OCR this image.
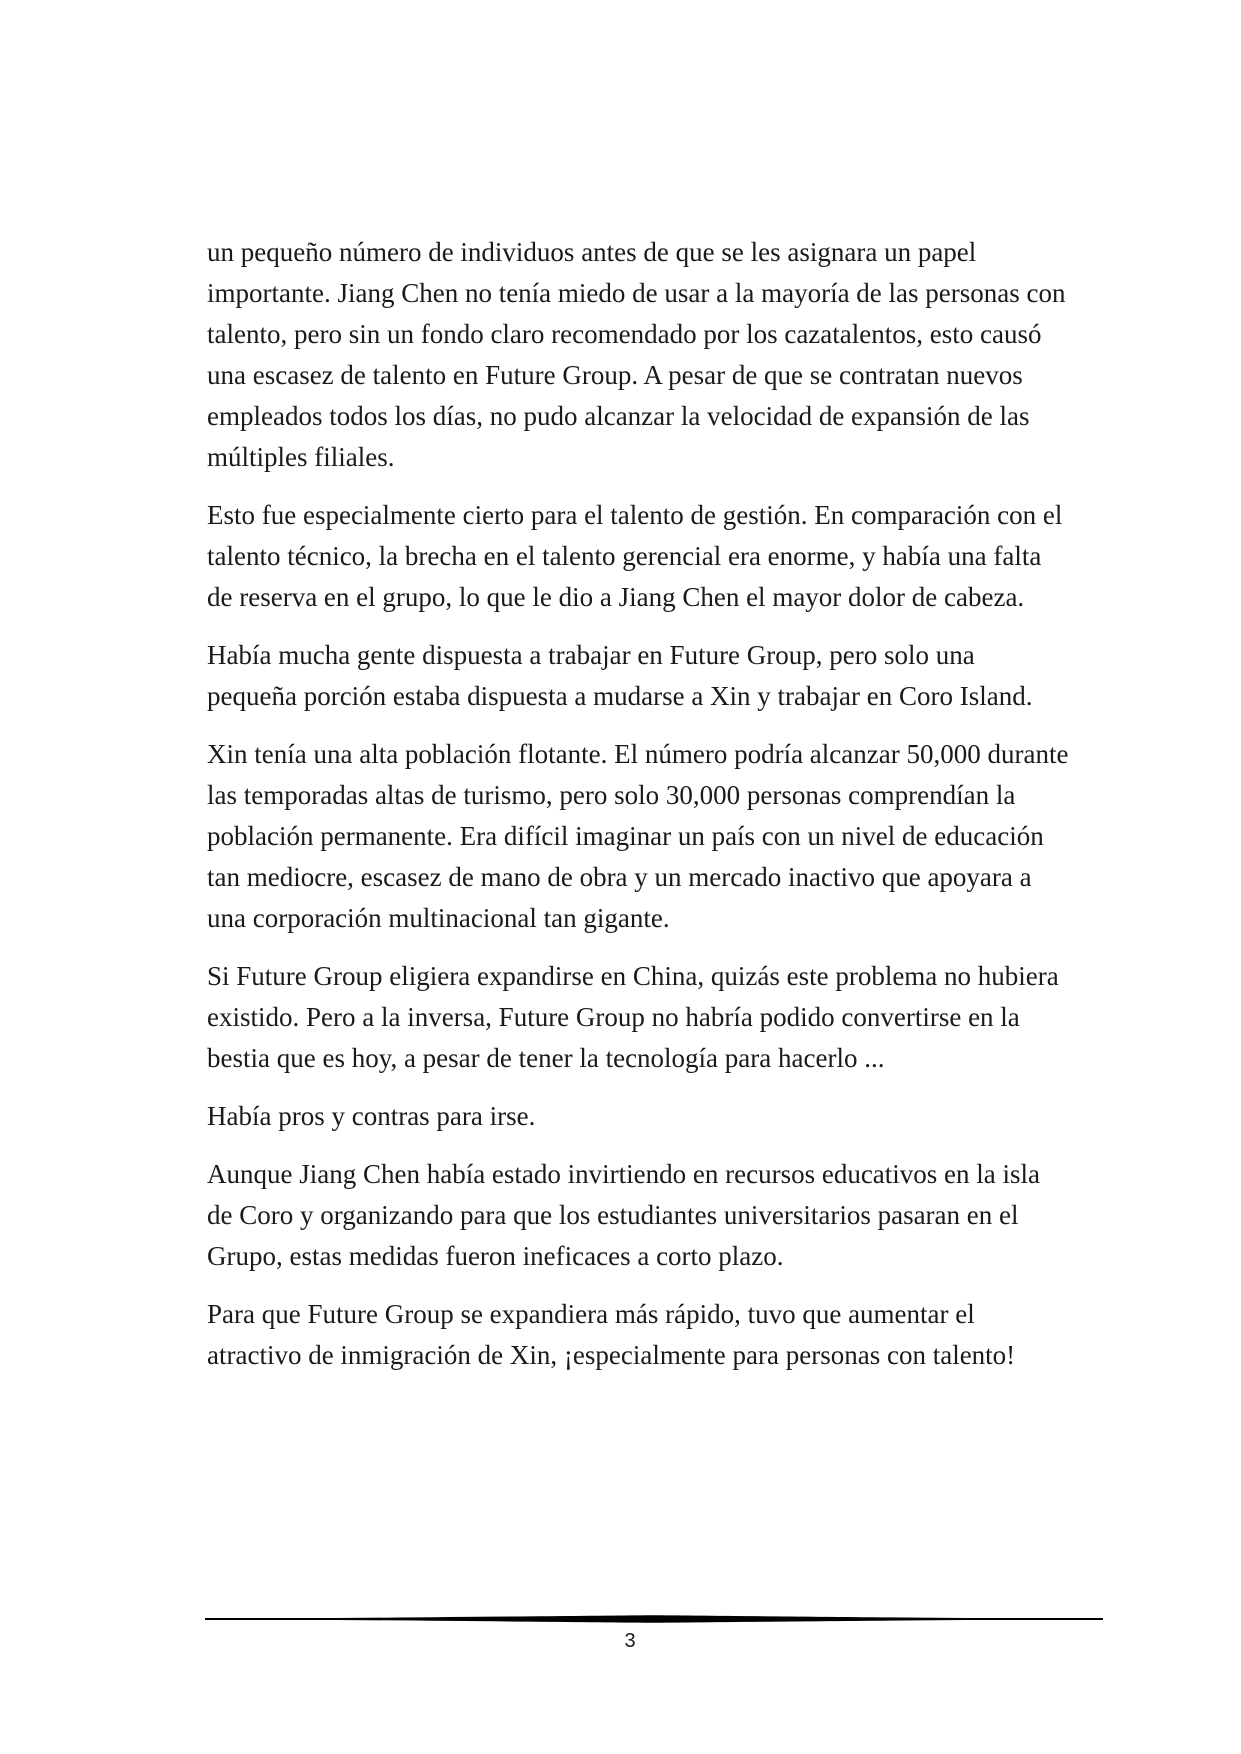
un pequeño número de individuos antes de que se les asignara un papel importante. Jiang Chen no tenía miedo de usar a la mayoría de las personas con talento, pero sin un fondo claro recomendado por los cazatalentos, esto causó una escasez de talento en Future Group. A pesar de que se contratan nuevos empleados todos los días, no pudo alcanzar la velocidad de expansión de las múltiples filiales.

Esto fue especialmente cierto para el talento de gestión. En comparación con el talento técnico, la brecha en el talento gerencial era enorme, y había una falta de reserva en el grupo, lo que le dio a Jiang Chen el mayor dolor de cabeza.

Había mucha gente dispuesta a trabajar en Future Group, pero solo una pequeña porción estaba dispuesta a mudarse a Xin y trabajar en Coro Island.

Xin tenía una alta población flotante. El número podría alcanzar 50,000 durante las temporadas altas de turismo, pero solo 30,000 personas comprendían la población permanente. Era difícil imaginar un país con un nivel de educación tan mediocre, escasez de mano de obra y un mercado inactivo que apoyara a una corporación multinacional tan gigante.

Si Future Group eligiera expandirse en China, quizás este problema no hubiera existido. Pero a la inversa, Future Group no habría podido convertirse en la bestia que es hoy, a pesar de tener la tecnología para hacerlo ...

Había pros y contras para irse.

Aunque Jiang Chen había estado invirtiendo en recursos educativos en la isla de Coro y organizando para que los estudiantes universitarios pasaran en el Grupo, estas medidas fueron ineficaces a corto plazo.

Para que Future Group se expandiera más rápido, tuvo que aumentar el atractivo de inmigración de Xin, ¡especialmente para personas con talento!

3
